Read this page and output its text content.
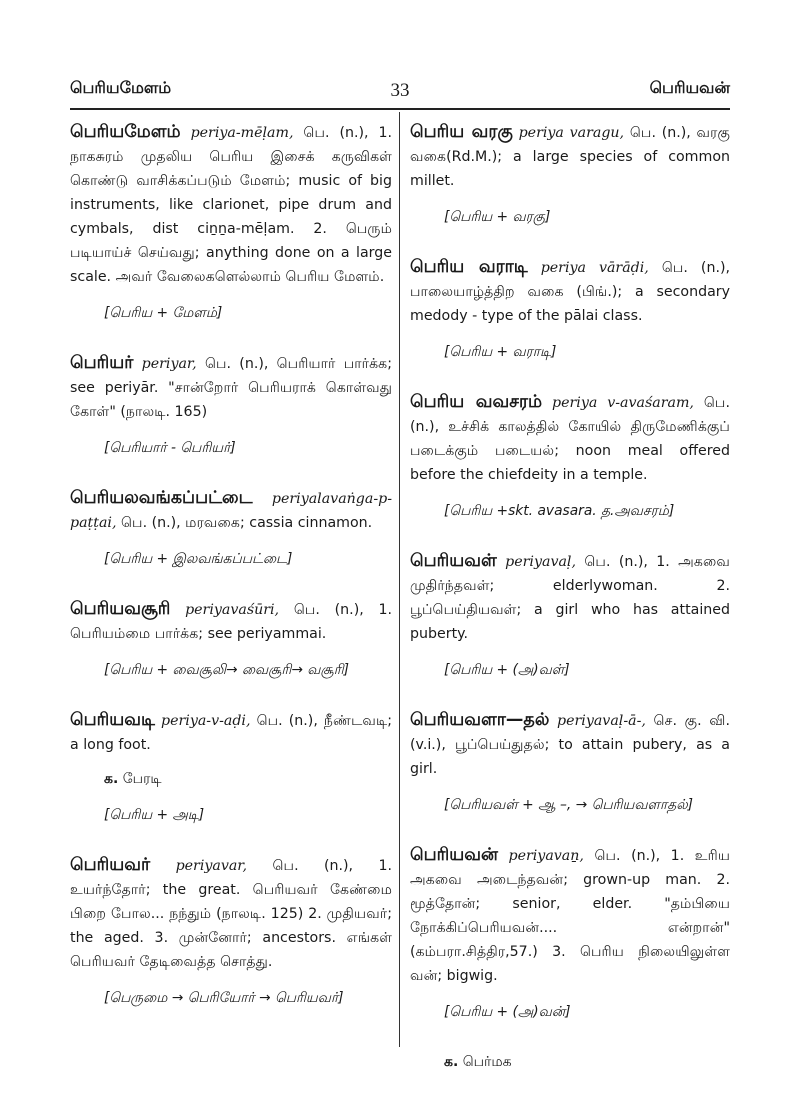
பெரியமேளம்	33	பெரியவன்
பெரியமேளம் periya-mēḷam, பெ. (n.), 1. நாகசுரம் முதலிய பெரிய இசைக் கருவிகள் கொண்டு வாசிக்கப்படும் மேளம்; music of big instruments, like clarionet, pipe drum and cymbals, dist ciṉṉa-mēḷam. 2. பெரும் படியாய்ச் செய்வது; anything done on a large scale. அவர் வேலைகளெல்லாம் பெரிய மேளம்.
[பெரிய + மேளம்]
பெரியர் periyar, பெ. (n.), பெரியார் பார்க்க; see periyār. "சான்றோர் பெரியராக் கொள்வது கோள்" (நாலடி. 165)
[பெரியார் - பெரியர்]
பெரியலவங்கப்பட்டை periyalavaṅga-p-paṭṭai, பெ. (n.), மரவகை; cassia cinnamon.
[பெரிய + இலவங்கப்பட்டை]
பெரியவசூரி periyavaśūri, பெ. (n.), 1. பெரியம்மை பார்க்க; see periyammai.
[பெரிய + வைசூலி→ வைசூரி→ வசூரி]
பெரியவடி periya-v-aḍi, பெ. (n.), நீண்டவடி; a long foot.
க. பேரடி
[பெரிய + அடி]
பெரியவர் periyavar, பெ. (n.), 1. உயர்ந்தோர்; the great. பெரியவர் கேண்மை பிறை போல... நந்தும் (நாலடி. 125) 2. முதியவர்; the aged. 3. முன்னோர்; ancestors. எங்கள் பெரியவர் தேடிவைத்த சொத்து.
[பெருமை → பெரியோர் → பெரியவர்]
பெரிய வரகு periya varagu, பெ. (n.), வரகு வகை(Rd.M.); a large species of common millet.
[பெரிய + வரகு]
பெரிய வராடி periya vārāḍi, பெ. (n.), பாலையாழ்த்திற வகை (பிங்.); a secondary medody - type of the pālai class.
[பெரிய + வராடி]
பெரிய வவசரம் periya v-avaśaram, பெ. (n.), உச்சிக் காலத்தில் கோயில் திருமேணிக்குப் படைக்கும் படையல்; noon meal offered before the chiefdeity in a temple.
[பெரிய +skt. avasara. த.அவசரம்]
பெரியவள் periyavaḷ, பெ. (n.), 1. அகவை முதிர்ந்தவள்; elderlywoman. 2. பூப்பெய்தியவள்; a girl who has attained puberty.
[பெரிய + (அ)வள்]
பெரியவளா—தல் periyavaḷ-ā-, செ. கு. வி. (v.i.), பூப்பெய்துதல்; to attain pubery, as a girl.
[பெரியவள் + ஆ –, → பெரியவளாதல்]
பெரியவன் periyavaṉ, பெ. (n.), 1. உரிய அகவை அடைந்தவன்; grown-up man. 2. மூத்தோன்; senior, elder. "தம்பியை நோக்கிப்பெரியவன்.... என்றான்" (கம்பரா.சித்திர,57.) 3. பெரிய நிலையிலுள்ள வன்; bigwig.
[பெரிய + (அ)வன்]
க. பெர்மக
